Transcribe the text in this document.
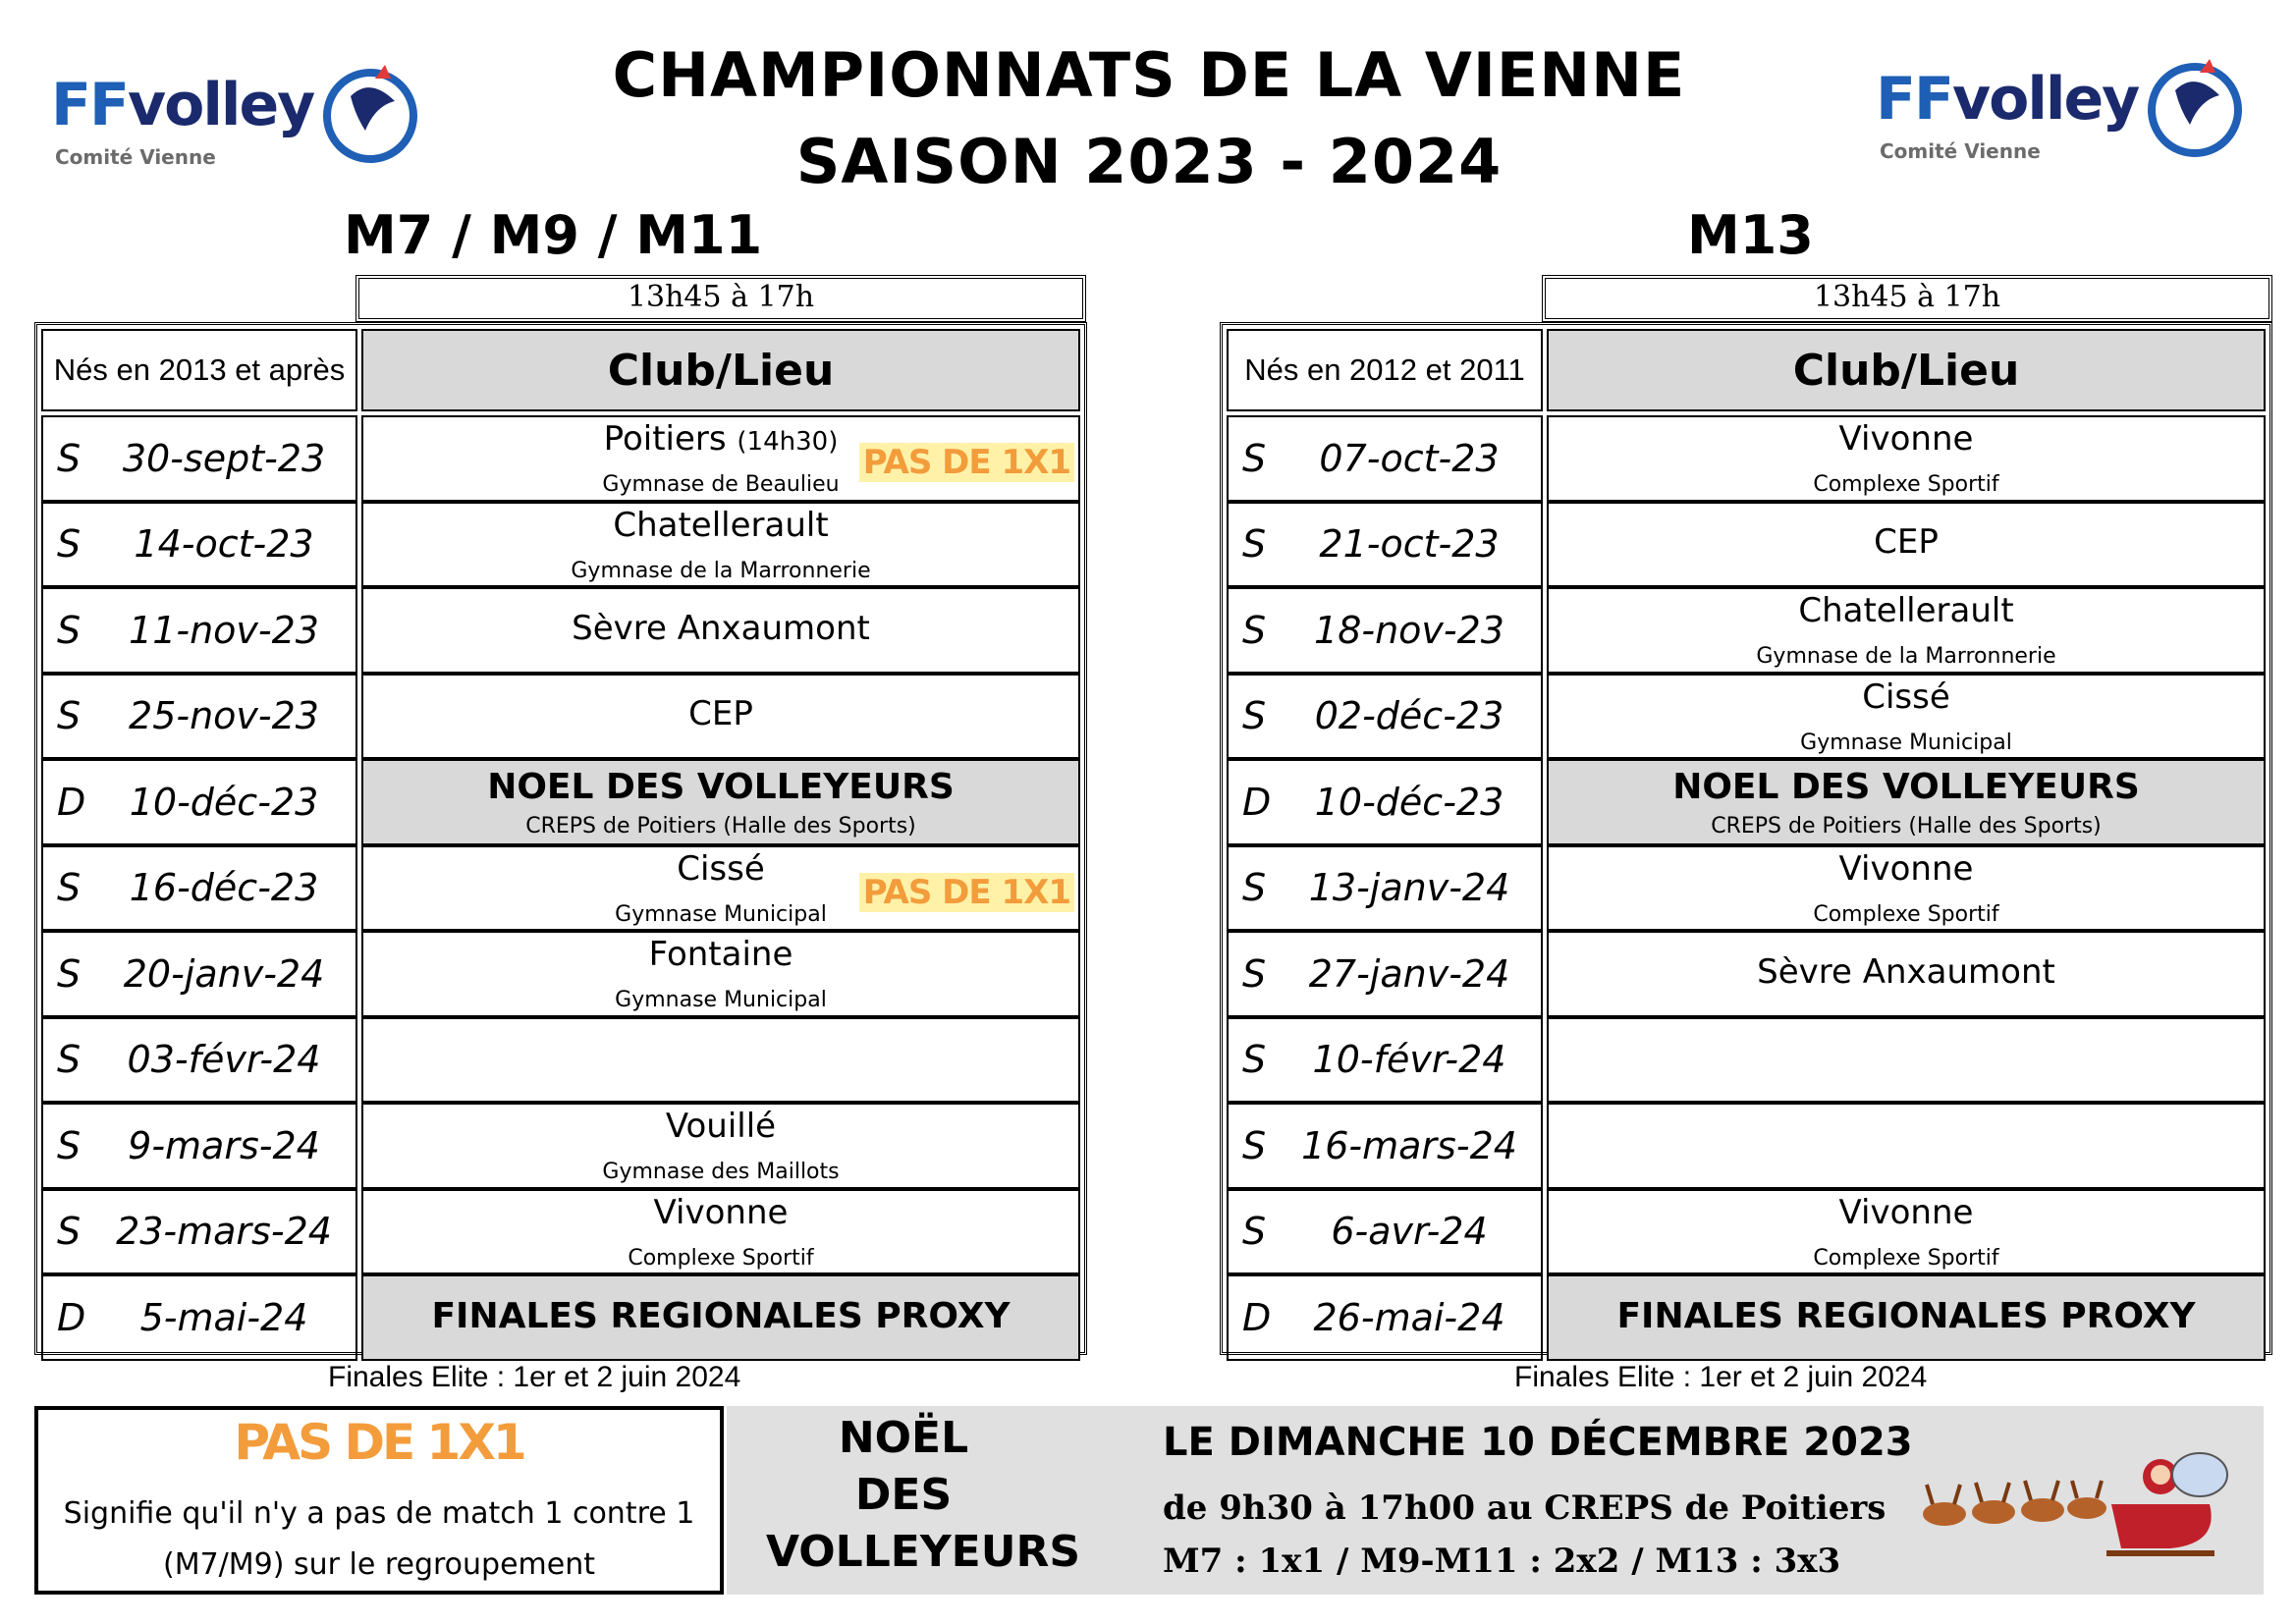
FFvolley
Comité Vienne
FFvolley
Comité Vienne
CHAMPIONNATS DE LA VIENNE
SAISON 2023 - 2024
M7 / M9 / M11	M13
13h45 à 17h	13h45 à 17h
Nés en 2013 et après	Club/Lieu
S	30-sept-23	Poitiers (14h30)
Gymnase de Beaulieu
PAS DE 1X1
S	14-oct-23	Chatellerault
Gymnase de la Marronnerie
S	11-nov-23	Sèvre Anxaumont
S	25-nov-23	CEP
D	10-déc-23	NOEL DES VOLLEYEURS
CREPS de Poitiers (Halle des Sports)
S	16-déc-23	Cissé
Gymnase Municipal
PAS DE 1X1
S	20-janv-24	Fontaine
Gymnase Municipal
S	03-févr-24
S	9-mars-24	Vouillé
Gymnase des Maillots
S 23-mars-24	Vivonne
Complexe Sportif
D	5-mai-24	FINALES REGIONALES PROXY
Nés en 2012 et 2011	Club/Lieu
S	07-oct-23	Vivonne
Complexe Sportif
S	21-oct-23	CEP
S	18-nov-23	Chatellerault
Gymnase de la Marronnerie
S	02-déc-23	Cissé
Gymnase Municipal
D	10-déc-23	NOEL DES VOLLEYEURS
CREPS de Poitiers (Halle des Sports)
S	13-janv-24	Vivonne
Complexe Sportif
S	27-janv-24	Sèvre Anxaumont
S	10-févr-24
S 16-mars-24
S	6-avr-24	Vivonne
Complexe Sportif
D	26-mai-24	FINALES REGIONALES PROXY
Finales Elite : 1er et 2 juin 2024	Finales Elite : 1er et 2 juin 2024
PAS DE 1X1
Signifie qu'il n'y a pas de match 1 contre 1
(M7/M9) sur le regroupement
NOËL
DES
VOLLEYEURS
LE DIMANCHE 10 DÉCEMBRE 2023
de 9h30 à 17h00 au CREPS de Poitiers
M7 : 1x1 / M9-M11 : 2x2 / M13 : 3x3
